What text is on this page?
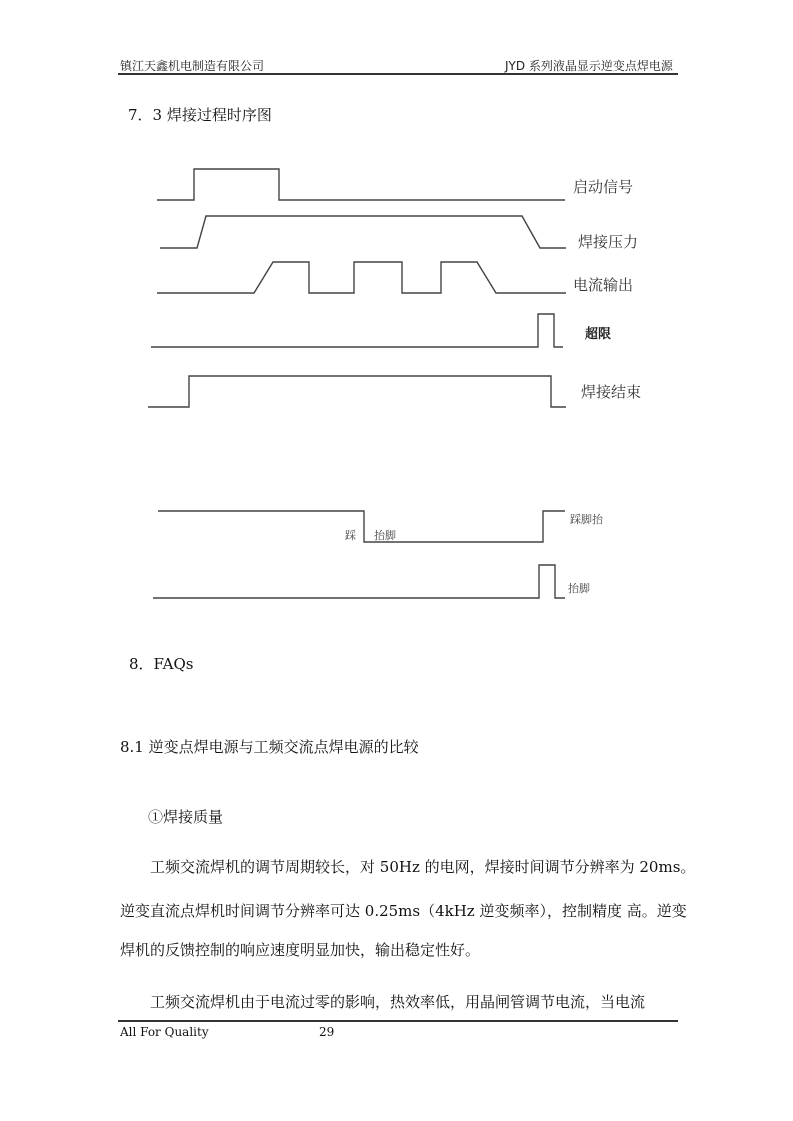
镇江天鑫机电制造有限公司	JYD 系列液晶显示逆变点焊电源
7．3 焊接过程时序图
启动信号
焊接压力
电流输出
超限
焊接结束
踩 抬脚
踩脚抬
抬脚
8．FAQs
8.1 逆变点焊电源与工频交流点焊电源的比较
①焊接质量
工频交流焊机的调节周期较长，对 50Hz 的电网，焊接时间调节分辨率为 20ms。
逆变直流点焊机时间调节分辨率可达 0.25ms（4kHz 逆变频率），控制精度 高。逆变
焊机的反馈控制的响应速度明显加快，输出稳定性好。
工频交流焊机由于电流过零的影响，热效率低，用晶闸管调节电流，当电流
All For Quality	29
